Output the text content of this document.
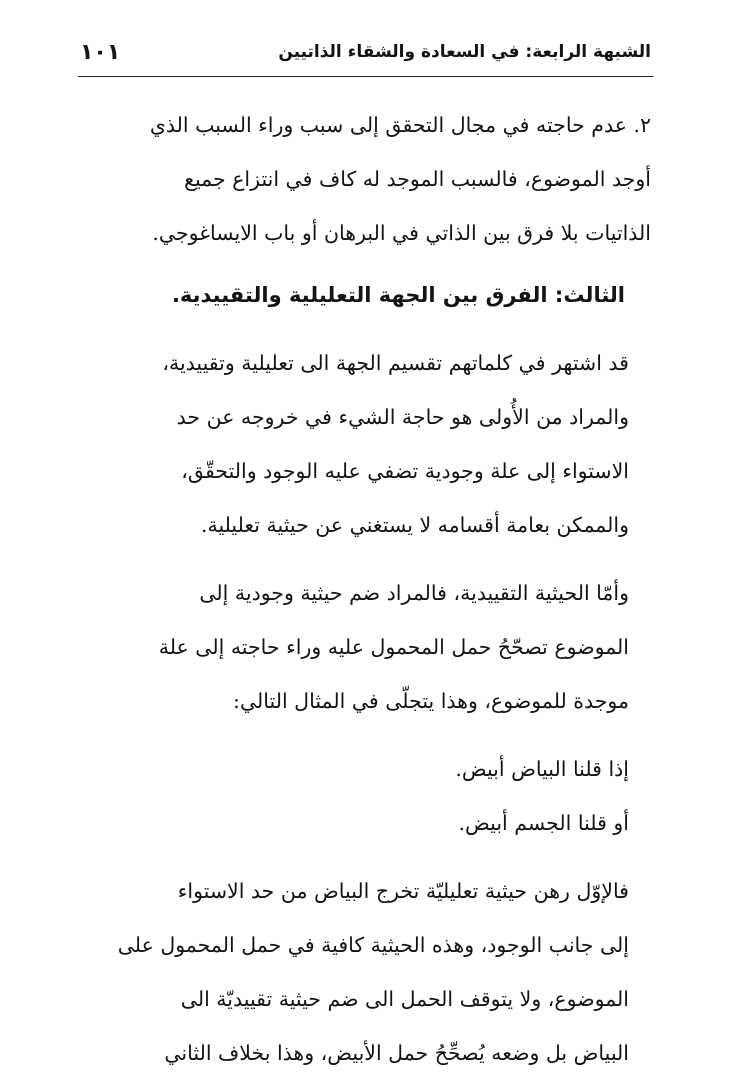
الشبهة الرابعة: في السعادة والشقاء الذاتيين
١٠١

٢. عدم حاجته في مجال التحقق إلى سبب وراء السبب الذي
أوجد الموضوع، فالسبب الموجد له كاف في انتزاع جميع
الذاتيات بلا فرق بين الذاتي في البرهان أو باب الايساغوجي.

الثالث: الفرق بين الجهة التعليلية والتقييدية.

قد اشتهر في كلماتهم تقسيم الجهة الى تعليلية وتقييدية،
والمراد من الأُولى هو حاجة الشيء في خروجه عن حد
الاستواء إلى علة وجودية تضفي عليه الوجود والتحقّق،
والممكن بعامة أقسامه لا يستغني عن حيثية تعليلية.

وأمّا الحيثية التقييدية، فالمراد ضم حيثية وجودية إلى
الموضوع تصحّحُ حمل المحمول عليه وراء حاجته إلى علة
موجدة للموضوع، وهذا يتجلّى في المثال التالي:

إذا قلنا البياض أبيض.

أو قلنا الجسم أبيض.

فالإوّل رهن حيثية تعليليّة تخرج البياض من حد الاستواء
إلى جانب الوجود، وهذه الحيثية كافية في حمل المحمول على
الموضوع، ولا يتوقف الحمل الى ضم حيثية تقييديّة الى
البياض بل وضعه يُصحِّحُ حمل الأبيض، وهذا بخلاف الثاني
